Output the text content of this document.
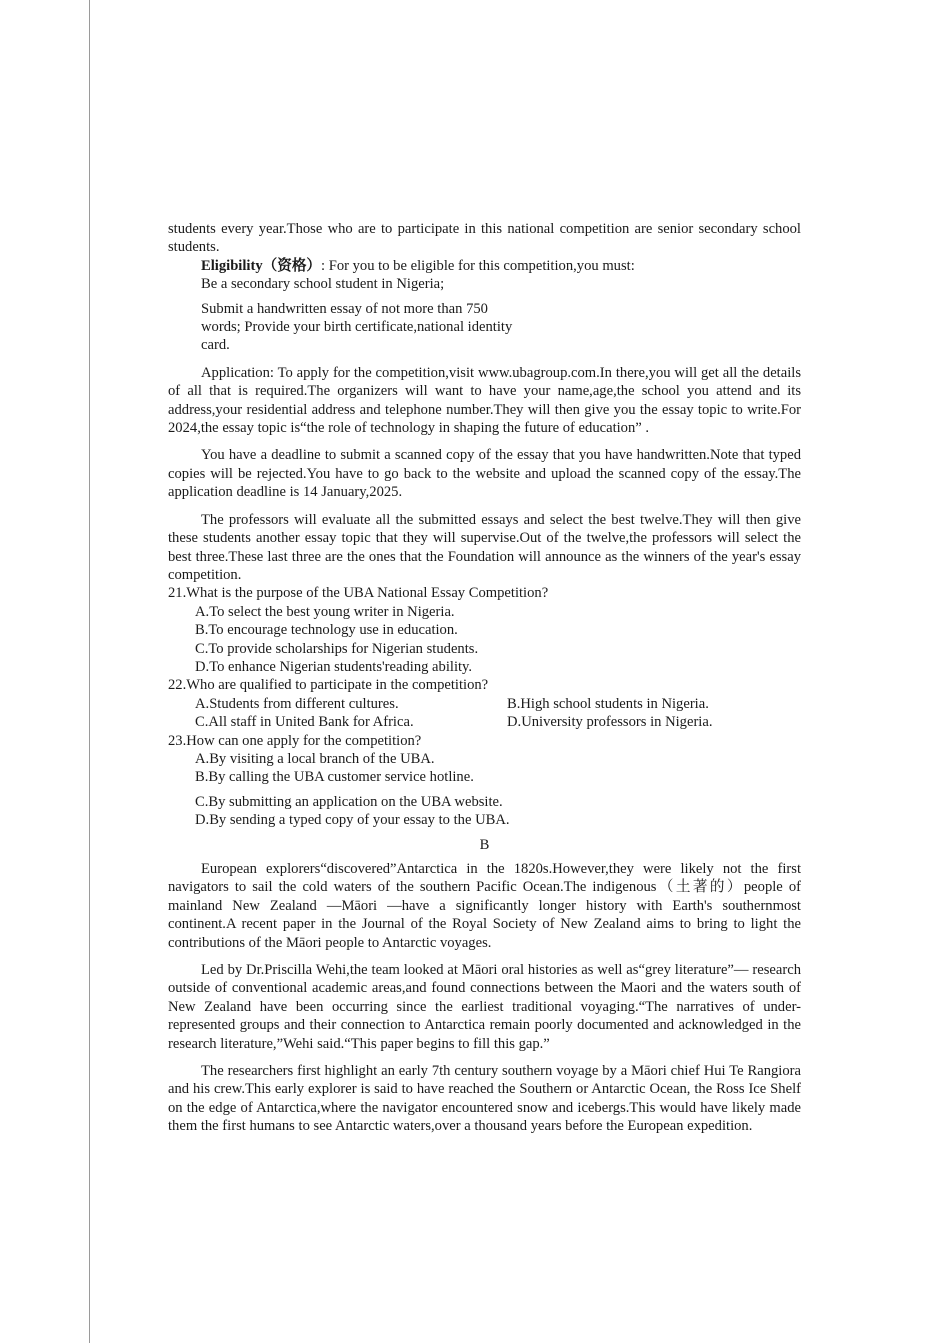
students every year.Those who are to participate in this national competition are senior secondary school students.

Eligibility（资格）: For you to be eligible for this competition,you must:

Be a secondary school student in Nigeria;

Submit a handwritten essay of not more than 750

words; Provide your birth certificate,national identity

card.

Application: To apply for the competition,visit www.ubagroup.com.In there,you will get all the details of all that is required.The organizers will want to have your name,age,the school you attend and its address,your residential address and telephone number.They will then give you the essay topic to write.For 2024,the essay topic is“the role of technology in shaping the future of education” .

You have a deadline to submit a scanned copy of the essay that you have handwritten.Note that typed copies will be rejected.You have to go back to the website and upload the scanned copy of the essay.The application deadline is 14 January,2025.

The professors will evaluate all the submitted essays and select the best twelve.They will then give these students another essay topic that they will supervise.Out of the twelve,the professors will select the best three.These last three are the ones that the Foundation will announce as the winners of the year's essay competition.

21.What is the purpose of the UBA National Essay Competition?

A.To select the best young writer in Nigeria.

B.To encourage technology use in education.

C.To provide scholarships for Nigerian students.

D.To enhance Nigerian students'reading ability.

22.Who are qualified to participate in the competition?

A.Students from different cultures.	B.High school students in Nigeria.
C.All staff in United Bank for Africa.	D.University professors in Nigeria.

23.How can one apply for the competition?

A.By visiting a local branch of the UBA.

B.By calling the UBA customer service hotline.

C.By submitting an application on the UBA website.

D.By sending a typed copy of your essay to the UBA.

B

European explorers“discovered”Antarctica in the 1820s.However,they were likely not the first navigators to sail the cold waters of the southern Pacific Ocean.The indigenous（土著的）people of mainland New Zealand —Māori —have a significantly longer history with Earth's southernmost continent.A recent paper in the Journal of the Royal Society of New Zealand aims to bring to light the contributions of the Māori people to Antarctic voyages.

Led by Dr.Priscilla Wehi,the team looked at Māori oral histories as well as“grey literature”— research outside of conventional academic areas,and found connections between the Maori and the waters south of New Zealand have been occurring since the earliest traditional voyaging.“The narratives of under-represented groups and their connection to Antarctica remain poorly documented and acknowledged in the research literature,”Wehi said.“This paper begins to fill this gap.”

The researchers first highlight an early 7th century southern voyage by a Māori chief Hui Te Rangiora and his crew.This early explorer is said to have reached the Southern or Antarctic Ocean, the Ross Ice Shelf on the edge of Antarctica,where the navigator encountered snow and icebergs.This would have likely made them the first humans to see Antarctic waters,over a thousand years before the European expedition.
